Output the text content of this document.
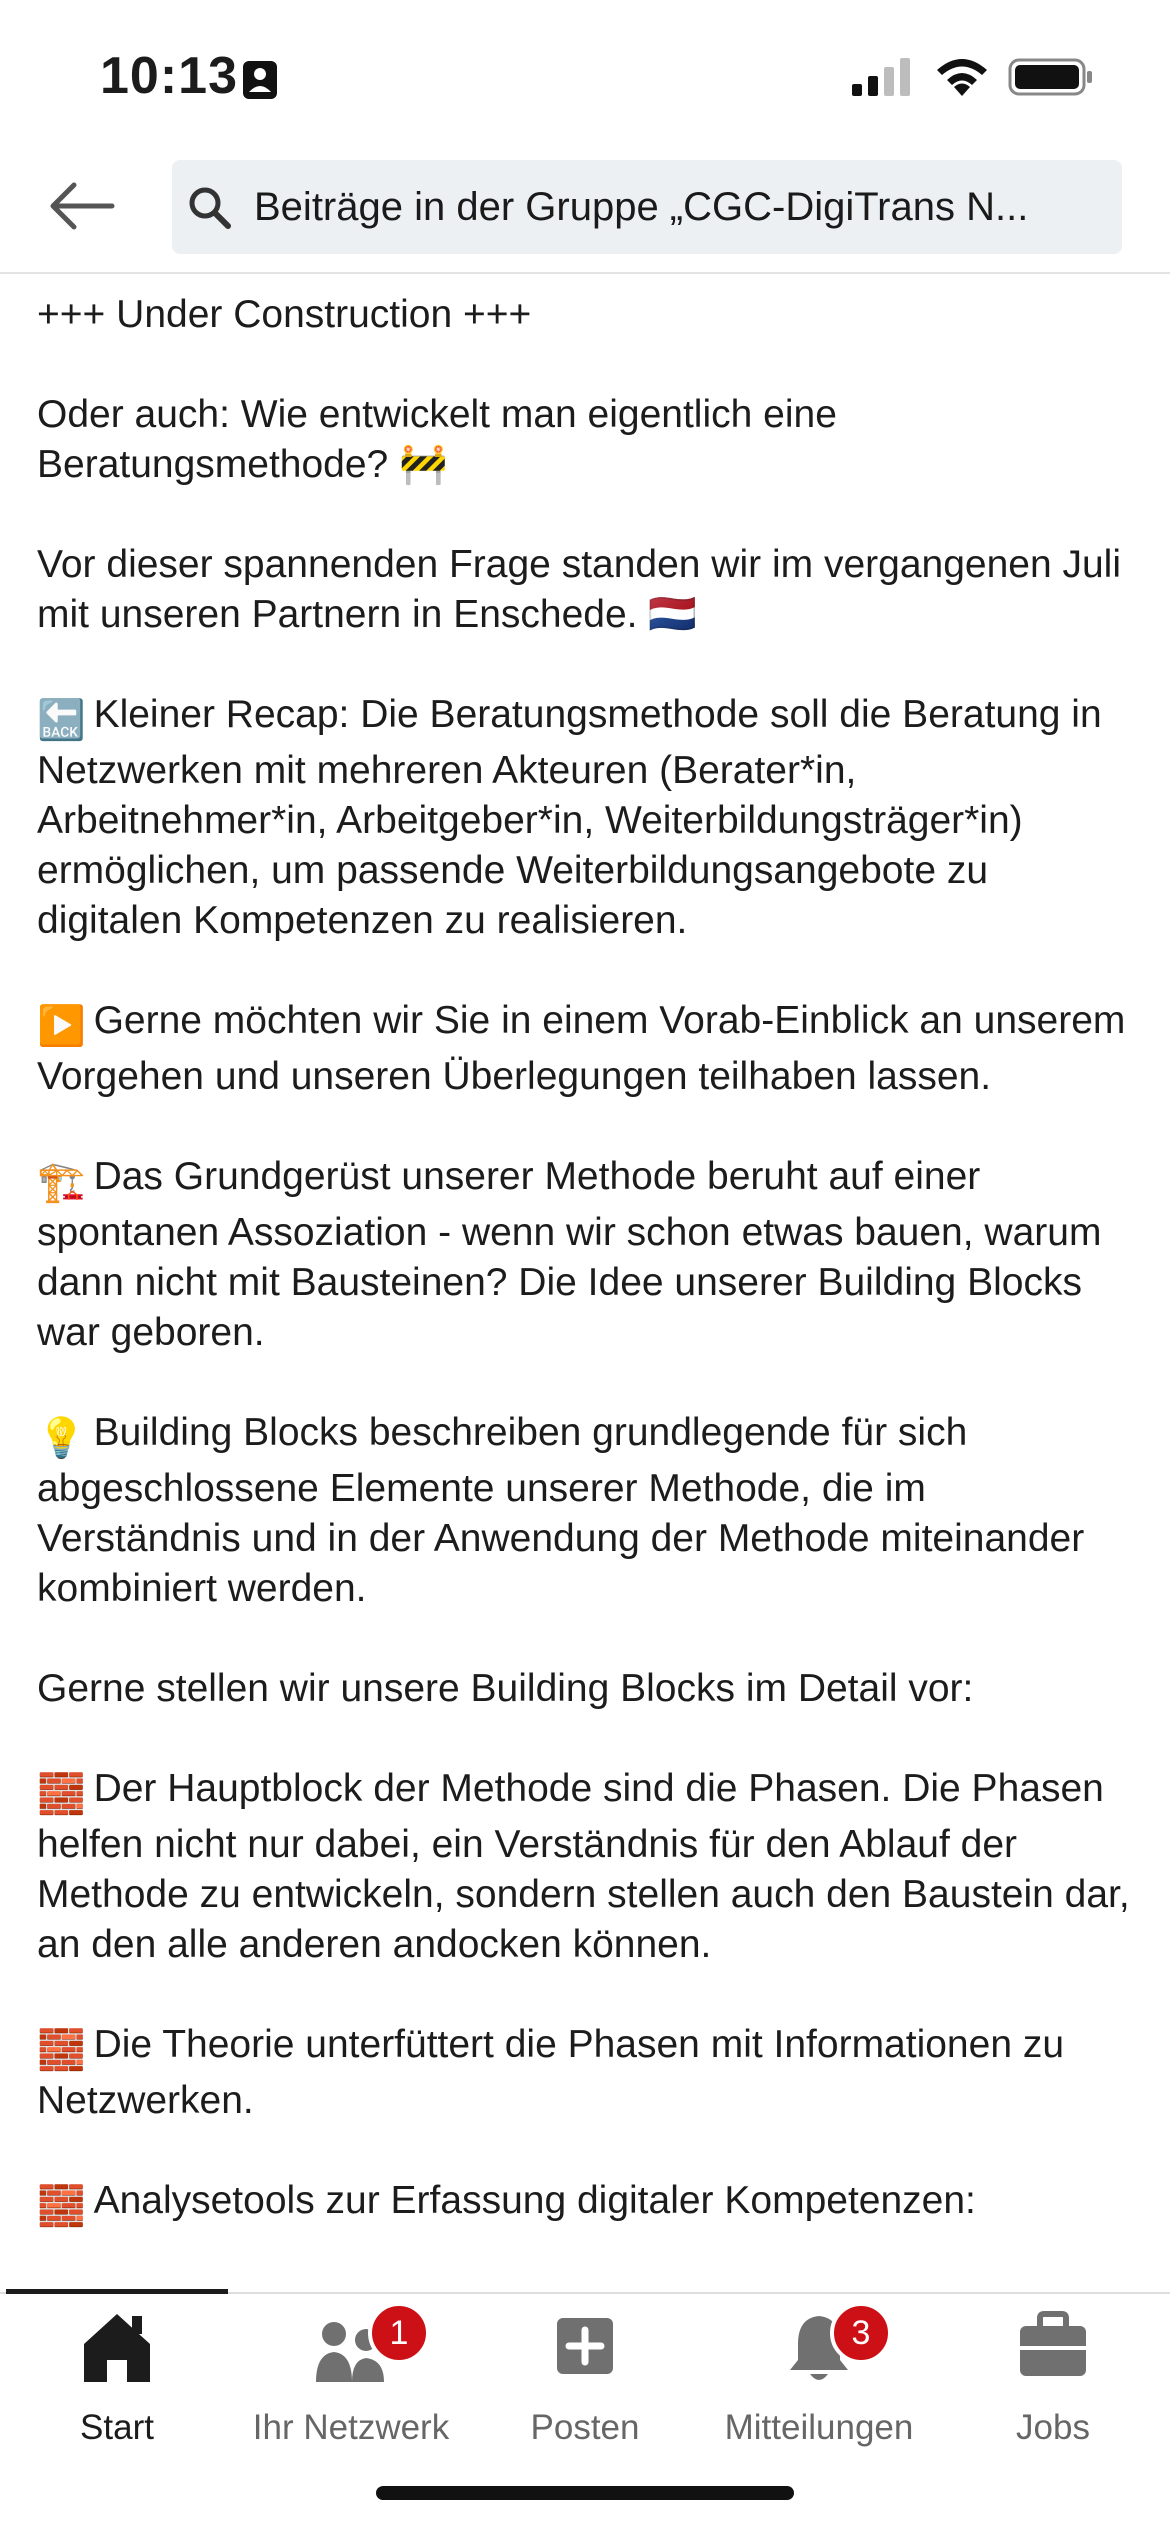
10:13
Beiträge in der Gruppe „CGC-DigiTrans N...

+++ Under Construction +++

Oder auch: Wie entwickelt man eigentlich eine Beratungsmethode? 🚧

Vor dieser spannenden Frage standen wir im vergangenen Juli mit unseren Partnern in Enschede. 🇳🇱

🔙 Kleiner Recap: Die Beratungsmethode soll die Beratung in Netzwerken mit mehreren Akteuren (Berater*in, Arbeitnehmer*in, Arbeitgeber*in, Weiterbildungsträger*in) ermöglichen, um passende Weiterbildungsangebote zu digitalen Kompetenzen zu realisieren.

▶️ Gerne möchten wir Sie in einem Vorab-Einblick an unserem Vorgehen und unseren Überlegungen teilhaben lassen.

🏗️ Das Grundgerüst unserer Methode beruht auf einer spontanen Assoziation - wenn wir schon etwas bauen, warum dann nicht mit Bausteinen? Die Idee unserer Building Blocks war geboren.

💡 Building Blocks beschreiben grundlegende für sich abgeschlossene Elemente unserer Methode, die im Verständnis und in der Anwendung der Methode miteinander kombiniert werden.

Gerne stellen wir unsere Building Blocks im Detail vor:

🧱 Der Hauptblock der Methode sind die Phasen. Die Phasen helfen nicht nur dabei, ein Verständnis für den Ablauf der Methode zu entwickeln, sondern stellen auch den Baustein dar, an den alle anderen andocken können.

🧱 Die Theorie unterfüttert die Phasen mit Informationen zu Netzwerken.

🧱 Analysetools zur Erfassung digitaler Kompetenzen:

Start
1
Ihr Netzwerk	Posten
3
Mitteilungen	Jobs
